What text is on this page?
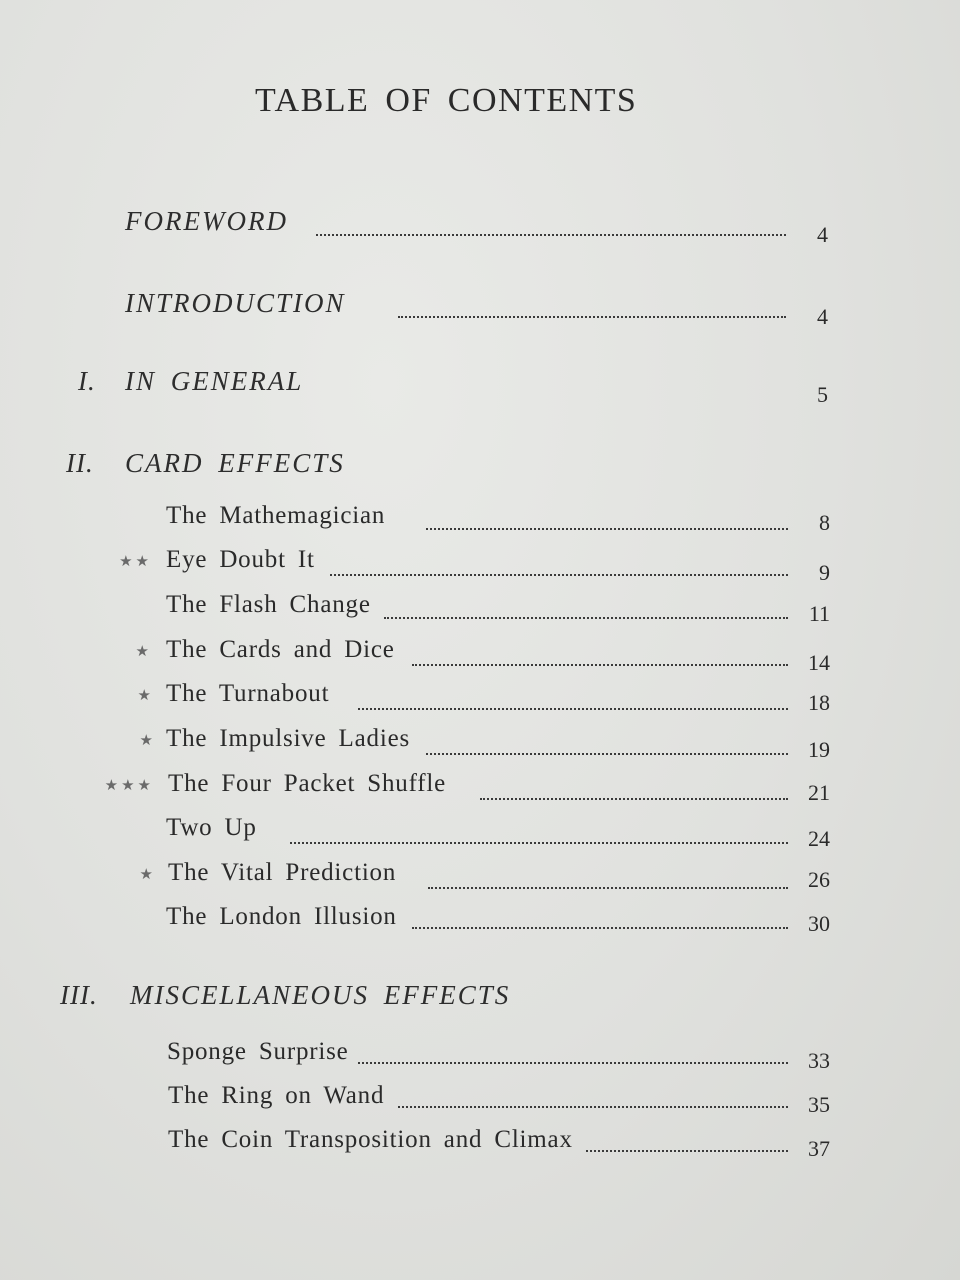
TABLE OF CONTENTS
FOREWORD	4
INTRODUCTION	4
I. IN GENERAL	5
II. CARD EFFECTS
The Mathemagician	8
★★ Eye Doubt It	9
The Flash Change	11
★ The Cards and Dice	14
★ The Turnabout	18
★ The Impulsive Ladies	19
★★★ The Four Packet Shuffle	21
Two Up	24
★ The Vital Prediction	26
The London Illusion	30
III. MISCELLANEOUS EFFECTS
Sponge Surprise	33
The Ring on Wand	35
The Coin Transposition and Climax	37
